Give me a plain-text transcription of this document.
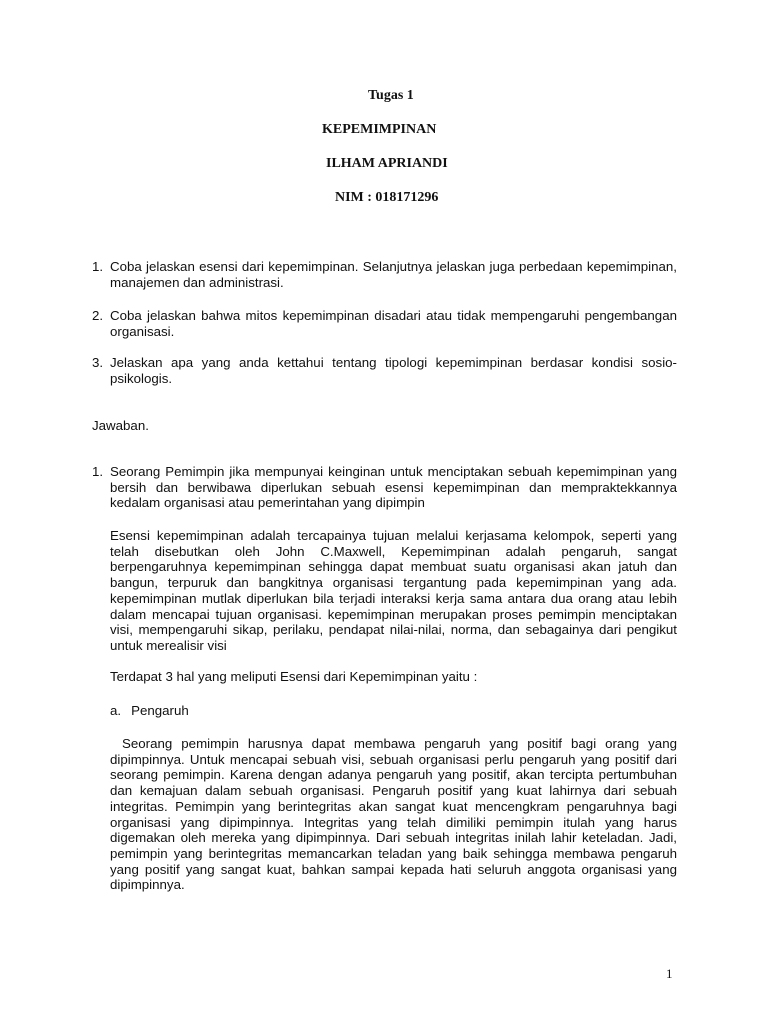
Tugas 1
KEPEMIMPINAN
ILHAM APRIANDI
NIM : 018171296
1. Coba jelaskan esensi dari kepemimpinan. Selanjutnya jelaskan juga perbedaan kepemimpinan, manajemen dan administrasi.

2. Coba jelaskan bahwa mitos kepemimpinan disadari atau tidak mempengaruhi pengembangan organisasi.

3. Jelaskan apa yang anda kettahui tentang tipologi kepemimpinan berdasar kondisi sosio-psikologis.

Jawaban.
1. Seorang Pemimpin jika mempunyai keinginan untuk menciptakan sebuah kepemimpinan yang bersih dan berwibawa diperlukan sebuah esensi kepemimpinan dan mempraktekkannya kedalam organisasi atau pemerintahan yang dipimpin

Esensi kepemimpinan adalah tercapainya tujuan melalui kerjasama kelompok, seperti yang telah disebutkan oleh John C.Maxwell, Kepemimpinan adalah pengaruh, sangat berpengaruhnya kepemimpinan sehingga dapat membuat suatu organisasi akan jatuh dan bangun, terpuruk dan bangkitnya organisasi tergantung pada kepemimpinan yang ada. kepemimpinan mutlak diperlukan bila terjadi interaksi kerja sama antara dua orang atau lebih dalam mencapai tujuan organisasi. kepemimpinan merupakan proses pemimpin menciptakan visi, mempengaruhi sikap, perilaku, pendapat nilai-nilai, norma, dan sebagainya dari pengikut untuk merealisir visi

Terdapat 3 hal yang meliputi Esensi dari Kepemimpinan yaitu :
a. Pengaruh

Seorang pemimpin harusnya dapat membawa pengaruh yang positif bagi orang yang dipimpinnya. Untuk mencapai sebuah visi, sebuah organisasi perlu pengaruh yang positif dari seorang pemimpin. Karena dengan adanya pengaruh yang positif, akan tercipta pertumbuhan dan kemajuan dalam sebuah organisasi. Pengaruh positif yang kuat lahirnya dari sebuah integritas. Pemimpin yang berintegritas akan sangat kuat mencengkram pengaruhnya bagi organisasi yang dipimpinnya. Integritas yang telah dimiliki pemimpin itulah yang harus digemakan oleh mereka yang dipimpinnya. Dari sebuah integritas inilah lahir keteladan. Jadi, pemimpin yang berintegritas memancarkan teladan yang baik sehingga membawa pengaruh yang positif yang sangat kuat, bahkan sampai kepada hati seluruh anggota organisasi yang dipimpinnya.

1
